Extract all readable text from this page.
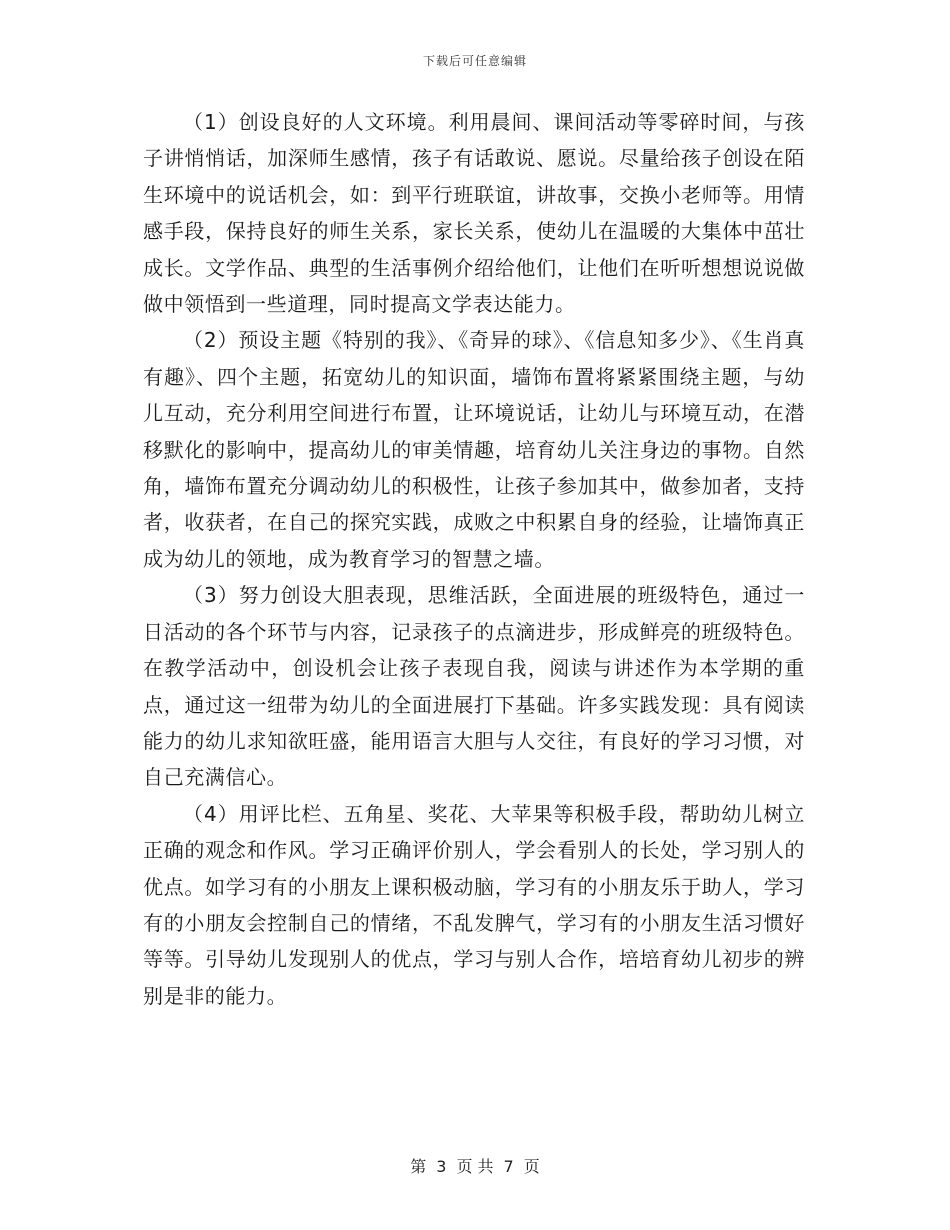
下载后可任意编辑

（1）创设良好的人文环境。利用晨间、课间活动等零碎时间，与孩子讲悄悄话，加深师生感情，孩子有话敢说、愿说。尽量给孩子创设在陌生环境中的说话机会，如：到平行班联谊，讲故事，交换小老师等。用情感手段，保持良好的师生关系，家长关系，使幼儿在温暖的大集体中茁壮成长。文学作品、典型的生活事例介绍给他们，让他们在听听想想说说做做中领悟到一些道理，同时提高文学表达能力。

（2）预设主题《特别的我》、《奇异的球》、《信息知多少》、《生肖真有趣》、四个主题，拓宽幼儿的知识面，墙饰布置将紧紧围绕主题，与幼儿互动，充分利用空间进行布置，让环境说话，让幼儿与环境互动，在潜移默化的影响中，提高幼儿的审美情趣，培育幼儿关注身边的事物。自然角，墙饰布置充分调动幼儿的积极性，让孩子参加其中，做参加者，支持者，收获者，在自己的探究实践，成败之中积累自身的经验，让墙饰真正成为幼儿的领地，成为教育学习的智慧之墙。

（3）努力创设大胆表现，思维活跃，全面进展的班级特色，通过一日活动的各个环节与内容，记录孩子的点滴进步，形成鲜亮的班级特色。在教学活动中，创设机会让孩子表现自我，阅读与讲述作为本学期的重点，通过这一纽带为幼儿的全面进展打下基础。许多实践发现：具有阅读能力的幼儿求知欲旺盛，能用语言大胆与人交往，有良好的学习习惯，对自己充满信心。

（4）用评比栏、五角星、奖花、大苹果等积极手段，帮助幼儿树立正确的观念和作风。学习正确评价别人，学会看别人的长处，学习别人的优点。如学习有的小朋友上课积极动脑，学习有的小朋友乐于助人，学习有的小朋友会控制自己的情绪，不乱发脾气，学习有的小朋友生活习惯好等等。引导幼儿发现别人的优点，学习与别人合作，培培育幼儿初步的辨别是非的能力。

第 3 页 共 7 页
